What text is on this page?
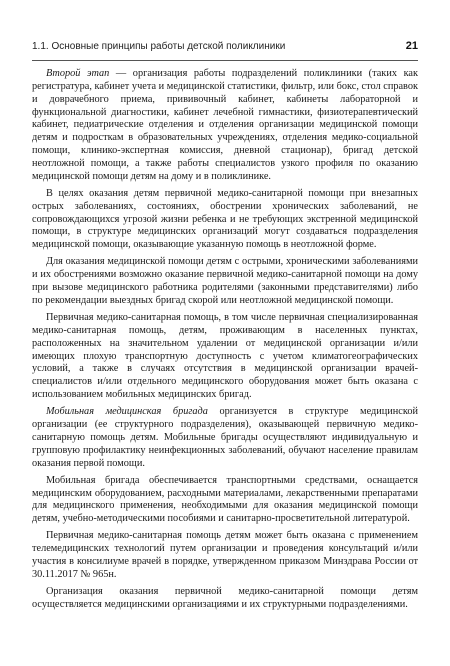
1.1. Основные принципы работы детской поликлиники	21

Второй этап — организация работы подразделений поликлиники (таких как регистратура, кабинет учета и медицинской статистики, фильтр, или бокс, стол справок и доврачебного приема, прививочный кабинет, кабинеты лабораторной и функциональной диагностики, кабинет лечебной гимнастики, физиотерапевтический кабинет, педиатрические отделения и отделения организации медицинской помощи детям и подросткам в образовательных учреждениях, отделения медико-социальной помощи, клинико-экспертная комиссия, дневной стационар), бригад детской неотложной помощи, а также работы специалистов узкого профиля по оказанию медицинской помощи детям на дому и в поликлинике.

В целях оказания детям первичной медико-санитарной помощи при внезапных острых заболеваниях, состояниях, обострении хронических заболеваний, не сопровождающихся угрозой жизни ребенка и не требующих экстренной медицинской помощи, в структуре медицинских организаций могут создаваться подразделения медицинской помощи, оказывающие указанную помощь в неотложной форме.

Для оказания медицинской помощи детям с острыми, хроническими заболеваниями и их обострениями возможно оказание первичной медико-санитарной помощи на дому при вызове медицинского работника родителями (законными представителями) либо по рекомендации выездных бригад скорой или неотложной медицинской помощи.

Первичная медико-санитарная помощь, в том числе первичная специализированная медико-санитарная помощь, детям, проживающим в населенных пунктах, расположенных на значительном удалении от медицинской организации и/или имеющих плохую транспортную доступность с учетом климатогеографических условий, а также в случаях отсутствия в медицинской организации врачей-специалистов и/или отдельного медицинского оборудования может быть оказана с использованием мобильных медицинских бригад.

Мобильная медицинская бригада организуется в структуре медицинской организации (ее структурного подразделения), оказывающей первичную медико-санитарную помощь детям. Мобильные бригады осуществляют индивидуальную и групповую профилактику неинфекционных заболеваний, обучают население правилам оказания первой помощи.

Мобильная бригада обеспечивается транспортными средствами, оснащается медицинским оборудованием, расходными материалами, лекарственными препаратами для медицинского применения, необходимыми для оказания медицинской помощи детям, учебно-методическими пособиями и санитарно-просветительной литературой.

Первичная медико-санитарная помощь детям может быть оказана с применением телемедицинских технологий путем организации и проведения консультаций и/или участия в консилиуме врачей в порядке, утвержденном приказом Минздрава России от 30.11.2017 № 965н.

Организация оказания первичной медико-санитарной помощи детям осуществляется медицинскими организациями и их структурными подразделениями.
